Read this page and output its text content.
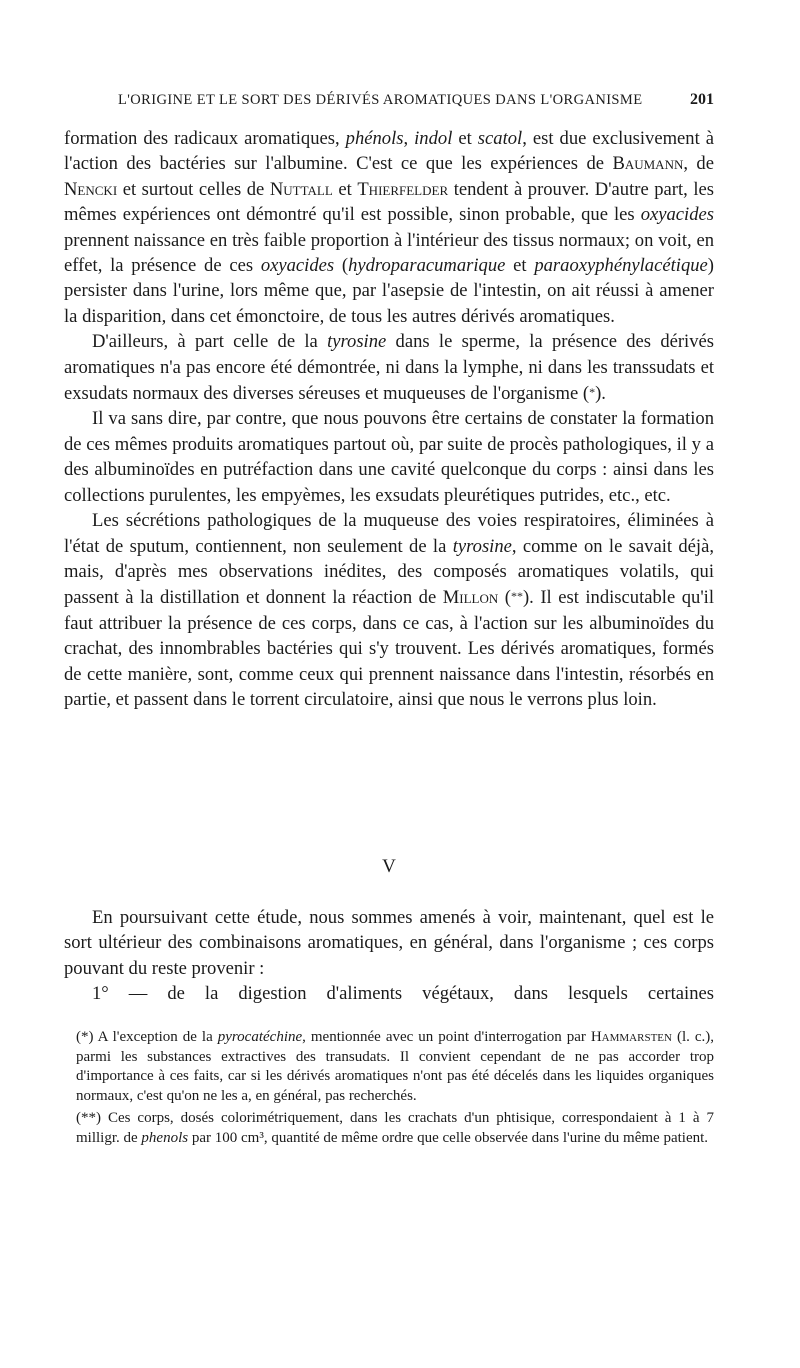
L'ORIGINE ET LE SORT DES DÉRIVÉS AROMATIQUES DANS L'ORGANISME	201

formation des radicaux aromatiques, phénols, indol et scatol, est due exclusivement à l'action des bactéries sur l'albumine. C'est ce que les expériences de Baumann, de Nencki et surtout celles de Nuttall et Thierfelder tendent à prouver. D'autre part, les mêmes expériences ont démontré qu'il est possible, sinon probable, que les oxyacides prennent naissance en très faible proportion à l'intérieur des tissus normaux; on voit, en effet, la présence de ces oxyacides (hydroparacumarique et paraoxyphénylacétique) persister dans l'urine, lors même que, par l'asepsie de l'intestin, on ait réussi à amener la disparition, dans cet émonctoire, de tous les autres dérivés aromatiques.

D'ailleurs, à part celle de la tyrosine dans le sperme, la présence des dérivés aromatiques n'a pas encore été démontrée, ni dans la lymphe, ni dans les transsudats et exsudats normaux des diverses séreuses et muqueuses de l'organisme (*).

Il va sans dire, par contre, que nous pouvons être certains de constater la formation de ces mêmes produits aromatiques partout où, par suite de procès pathologiques, il y a des albuminoïdes en putréfaction dans une cavité quelconque du corps : ainsi dans les collections purulentes, les empyèmes, les exsudats pleurétiques putrides, etc., etc.

Les sécrétions pathologiques de la muqueuse des voies respiratoires, éliminées à l'état de sputum, contiennent, non seulement de la tyrosine, comme on le savait déjà, mais, d'après mes observations inédites, des composés aromatiques volatils, qui passent à la distillation et donnent la réaction de Millon (**). Il est indiscutable qu'il faut attribuer la présence de ces corps, dans ce cas, à l'action sur les albuminoïdes du crachat, des innombrables bactéries qui s'y trouvent. Les dérivés aromatiques, formés de cette manière, sont, comme ceux qui prennent naissance dans l'intestin, résorbés en partie, et passent dans le torrent circulatoire, ainsi que nous le verrons plus loin.

V

En poursuivant cette étude, nous sommes amenés à voir, maintenant, quel est le sort ultérieur des combinaisons aromatiques, en général, dans l'organisme ; ces corps pouvant du reste provenir :

1° — de la digestion d'aliments végétaux, dans lesquels certaines

(*) A l'exception de la pyrocatéchine, mentionnée avec un point d'interrogation par Hammarsten (l. c.), parmi les substances extractives des transudats. Il convient cependant de ne pas accorder trop d'importance à ces faits, car si les dérivés aromatiques n'ont pas été décelés dans les liquides organiques normaux, c'est qu'on ne les a, en général, pas recherchés.

(**) Ces corps, dosés colorimétriquement, dans les crachats d'un phtisique, correspondaient à 1 à 7 milligr. de phenols par 100 cm³, quantité de même ordre que celle observée dans l'urine du même patient.
